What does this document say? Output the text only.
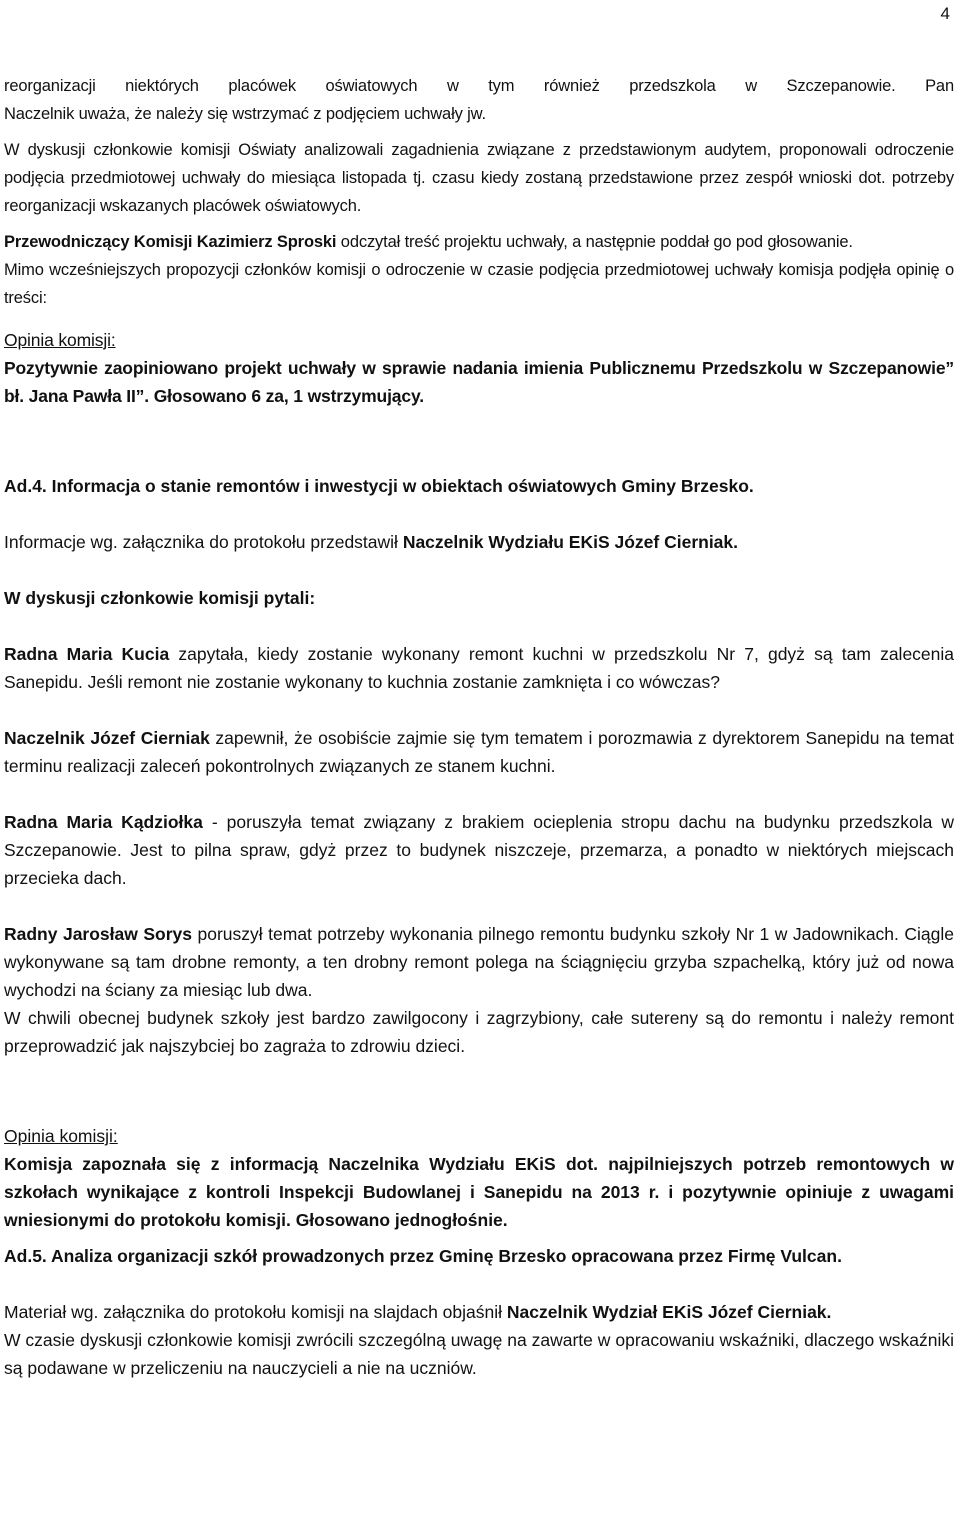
4

reorganizacji niektórych placówek oświatowych w tym również przedszkola w Szczepanowie. Pan

Naczelnik uważa, że należy się wstrzymać z podjęciem uchwały jw.

W dyskusji członkowie komisji Oświaty analizowali zagadnienia związane z przedstawionym audytem, proponowali odroczenie podjęcia przedmiotowej uchwały do miesiąca listopada tj. czasu kiedy zostaną przedstawione przez zespół wnioski dot. potrzeby reorganizacji wskazanych placówek oświatowych.

Przewodniczący Komisji Kazimierz Sproski odczytał treść projektu uchwały, a następnie poddał go pod głosowanie.

Mimo wcześniejszych propozycji członków komisji o odroczenie w czasie podjęcia przedmiotowej uchwały komisja podjęła opinię o treści:

Opinia komisji:

Pozytywnie zaopiniowano projekt uchwały w sprawie nadania imienia Publicznemu Przedszkolu w Szczepanowie” bł. Jana Pawła II”. Głosowano 6 za, 1 wstrzymujący.

Ad.4. Informacja o stanie remontów i inwestycji w obiektach oświatowych Gminy Brzesko.

Informacje wg. załącznika do protokołu przedstawił Naczelnik Wydziału EKiS Józef Cierniak.

W dyskusji członkowie komisji pytali:

Radna Maria Kucia zapytała, kiedy zostanie wykonany remont kuchni w przedszkolu Nr 7, gdyż są tam zalecenia Sanepidu. Jeśli remont nie zostanie wykonany to kuchnia zostanie zamknięta i co wówczas?

Naczelnik Józef Cierniak zapewnił, że osobiście zajmie się tym tematem i porozmawia z dyrektorem Sanepidu na temat terminu realizacji zaleceń pokontrolnych związanych ze stanem kuchni.

Radna Maria Kądziołka - poruszyła temat związany z brakiem ocieplenia stropu dachu na budynku przedszkola w Szczepanowie. Jest to pilna spraw, gdyż przez to budynek niszczeje, przemarza, a ponadto w niektórych miejscach przecieka dach.

Radny Jarosław Sorys poruszył temat potrzeby wykonania pilnego remontu budynku szkoły Nr 1 w Jadownikach. Ciągle wykonywane są tam drobne remonty, a ten drobny remont polega na ściągnięciu grzyba szpachelką, który już od nowa wychodzi na ściany za miesiąc lub dwa.

W chwili obecnej budynek szkoły jest bardzo zawilgocony i zagrzybiony, całe sutereny są do remontu i należy remont przeprowadzić jak najszybciej bo zagraża to zdrowiu dzieci.

Opinia komisji:

Komisja zapoznała się z informacją Naczelnika Wydziału EKiS dot. najpilniejszych potrzeb remontowych w szkołach wynikające z kontroli Inspekcji Budowlanej i Sanepidu na 2013 r. i pozytywnie opiniuje z uwagami wniesionymi do protokołu komisji. Głosowano jednogłośnie.

Ad.5. Analiza organizacji szkół prowadzonych przez Gminę Brzesko opracowana przez Firmę Vulcan.

Materiał wg. załącznika do protokołu komisji na slajdach objaśnił Naczelnik Wydział EKiS Józef Cierniak.

W czasie dyskusji członkowie komisji zwrócili szczególną uwagę na zawarte w opracowaniu wskaźniki, dlaczego wskaźniki są podawane w przeliczeniu na nauczycieli a nie na uczniów.
